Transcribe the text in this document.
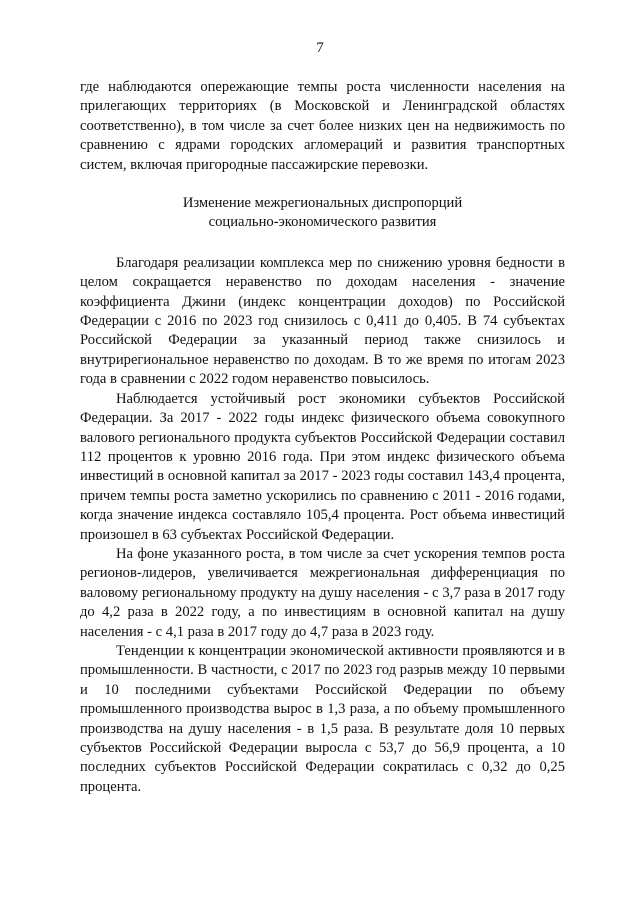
7

где наблюдаются опережающие темпы роста численности населения на прилегающих территориях (в Московской и Ленинградской областях соответственно), в том числе за счет более низких цен на недвижимость по сравнению с ядрами городских агломераций и развития транспортных систем, включая пригородные пассажирские перевозки.

Изменение межрегиональных диспропорций
социально-экономического развития

Благодаря реализации комплекса мер по снижению уровня бедности в целом сокращается неравенство по доходам населения - значение коэффициента Джини (индекс концентрации доходов) по Российской Федерации с 2016 по 2023 год снизилось с 0,411 до 0,405. В 74 субъектах Российской Федерации за указанный период также снизилось и внутрирегиональное неравенство по доходам. В то же время по итогам 2023 года в сравнении с 2022 годом неравенство повысилось.

Наблюдается устойчивый рост экономики субъектов Российской Федерации. За 2017 - 2022 годы индекс физического объема совокупного валового регионального продукта субъектов Российской Федерации составил 112 процентов к уровню 2016 года. При этом индекс физического объема инвестиций в основной капитал за 2017 - 2023 годы составил 143,4 процента, причем темпы роста заметно ускорились по сравнению с 2011 - 2016 годами, когда значение индекса составляло 105,4 процента. Рост объема инвестиций произошел в 63 субъектах Российской Федерации.

На фоне указанного роста, в том числе за счет ускорения темпов роста регионов-лидеров, увеличивается межрегиональная дифференциация по валовому региональному продукту на душу населения - с 3,7 раза в 2017 году до 4,2 раза в 2022 году, а по инвестициям в основной капитал на душу населения - с 4,1 раза в 2017 году до 4,7 раза в 2023 году.

Тенденции к концентрации экономической активности проявляются и в промышленности. В частности, с 2017 по 2023 год разрыв между 10 первыми и 10 последними субъектами Российской Федерации по объему промышленного производства вырос в 1,3 раза, а по объему промышленного производства на душу населения - в 1,5 раза. В результате доля 10 первых субъектов Российской Федерации выросла с 53,7 до 56,9 процента, а 10 последних субъектов Российской Федерации сократилась с 0,32 до 0,25 процента.
